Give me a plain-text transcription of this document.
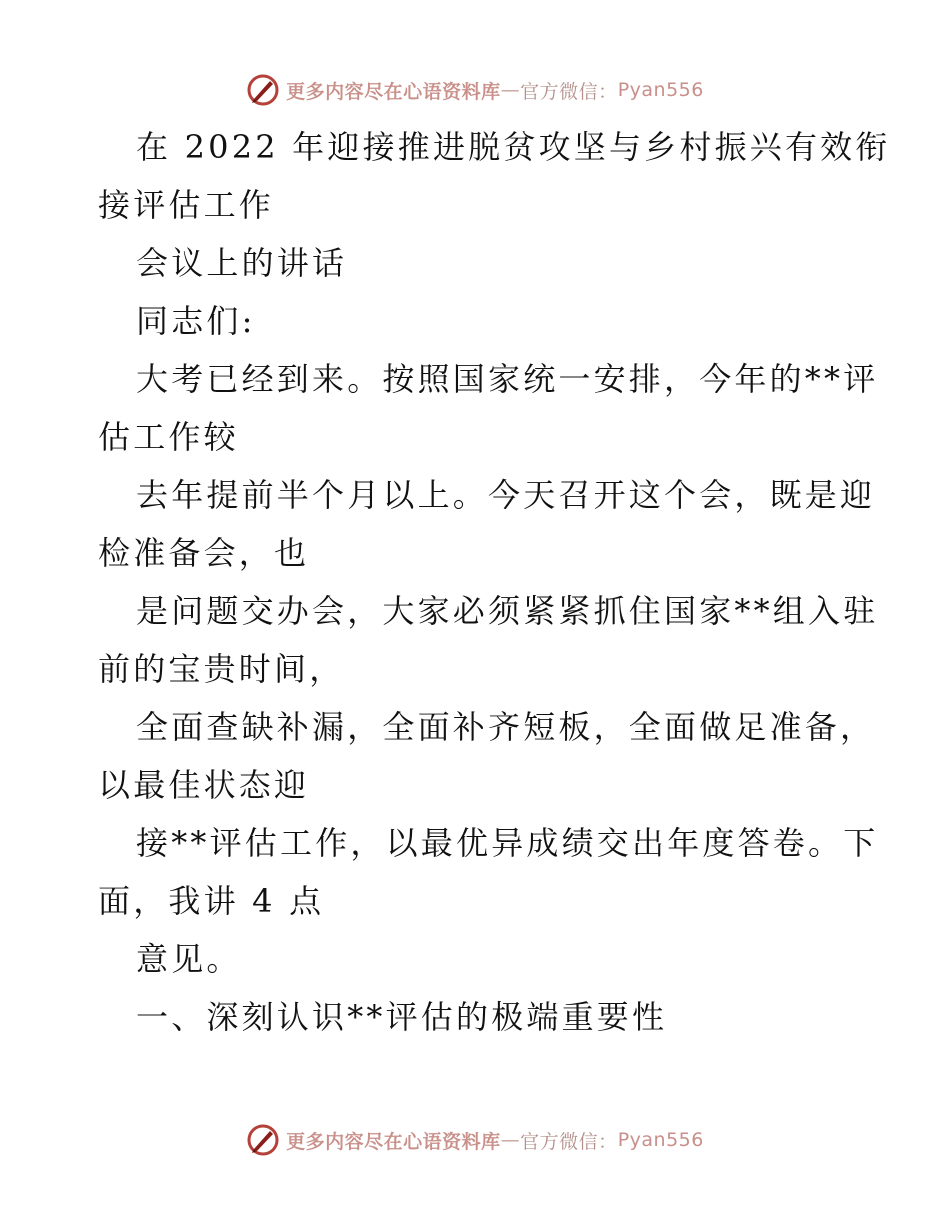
更多内容尽在心语资料库 — 官方微信： Pyan556
在 2022 年迎接推进脱贫攻坚与乡村振兴有效衔
接评估工作
会议上的讲话
同志们:
大考已经到来。按照国家统一安排，今年的**评
估工作较
去年提前半个月以上。今天召开这个会，既是迎
检准备会，也
是问题交办会，大家必须紧紧抓住国家**组入驻
前的宝贵时间，
全面查缺补漏，全面补齐短板，全面做足准备，
以最佳状态迎
接**评估工作，以最优异成绩交出年度答卷。下
面，我讲 4 点
意见。
一、深刻认识**评估的极端重要性
更多内容尽在心语资料库 — 官方微信： Pyan556
